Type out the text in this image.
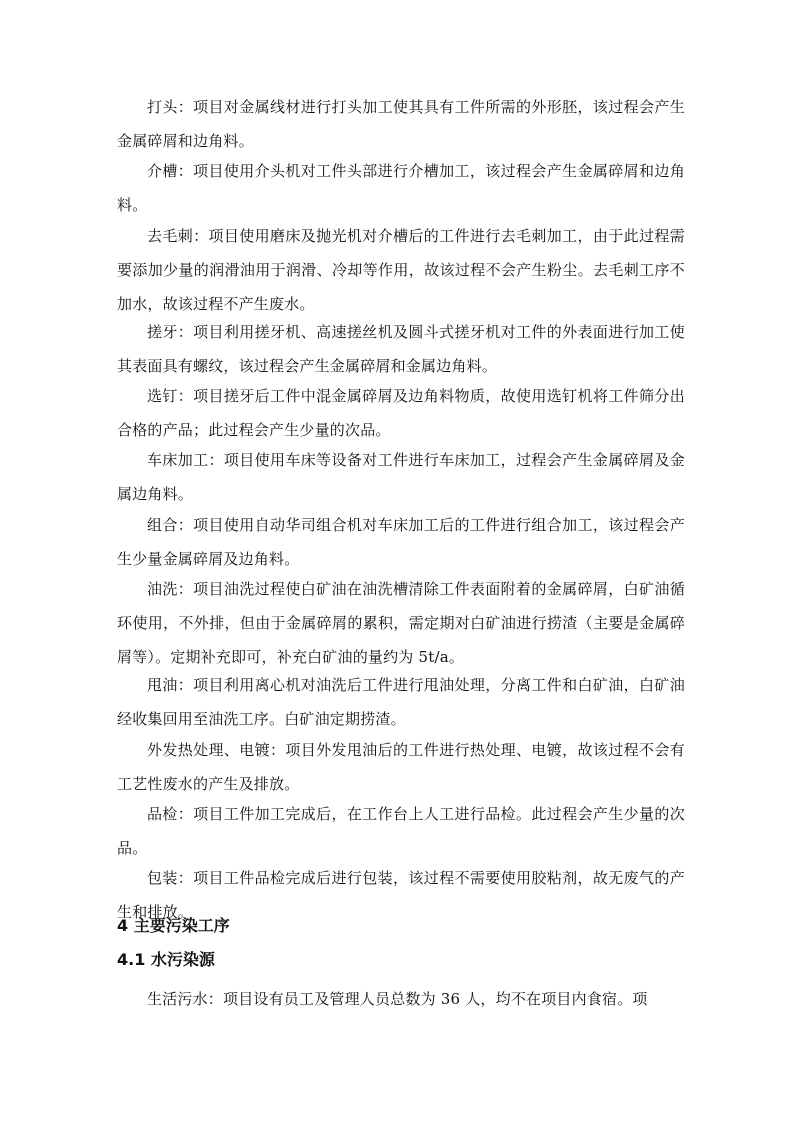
打头：项目对金属线材进行打头加工使其具有工件所需的外形胚，该过程会产生金属碎屑和边角料。

介槽：项目使用介头机对工件头部进行介槽加工，该过程会产生金属碎屑和边角料。

去毛刺：项目使用磨床及抛光机对介槽后的工件进行去毛刺加工，由于此过程需要添加少量的润滑油用于润滑、冷却等作用，故该过程不会产生粉尘。去毛刺工序不加水，故该过程不产生废水。

搓牙：项目利用搓牙机、高速搓丝机及圆斗式搓牙机对工件的外表面进行加工使其表面具有螺纹，该过程会产生金属碎屑和金属边角料。

选钉：项目搓牙后工件中混金属碎屑及边角料物质，故使用选钉机将工件筛分出合格的产品；此过程会产生少量的次品。

车床加工：项目使用车床等设备对工件进行车床加工，过程会产生金属碎屑及金属边角料。

组合：项目使用自动华司组合机对车床加工后的工件进行组合加工，该过程会产生少量金属碎屑及边角料。

油洗：项目油洗过程使白矿油在油洗槽清除工件表面附着的金属碎屑，白矿油循环使用，不外排，但由于金属碎屑的累积，需定期对白矿油进行捞渣（主要是金属碎屑等）。定期补充即可，补充白矿油的量约为 5t/a。

甩油：项目利用离心机对油洗后工件进行甩油处理，分离工件和白矿油，白矿油经收集回用至油洗工序。白矿油定期捞渣。

外发热处理、电镀：项目外发甩油后的工件进行热处理、电镀，故该过程不会有工艺性废水的产生及排放。

品检：项目工件加工完成后，在工作台上人工进行品检。此过程会产生少量的次品。

包装：项目工件品检完成后进行包装，该过程不需要使用胶粘剂，故无废气的产生和排放。

4 主要污染工序
4.1 水污染源

生活污水：项目设有员工及管理人员总数为 36 人，均不在项目内食宿。项
